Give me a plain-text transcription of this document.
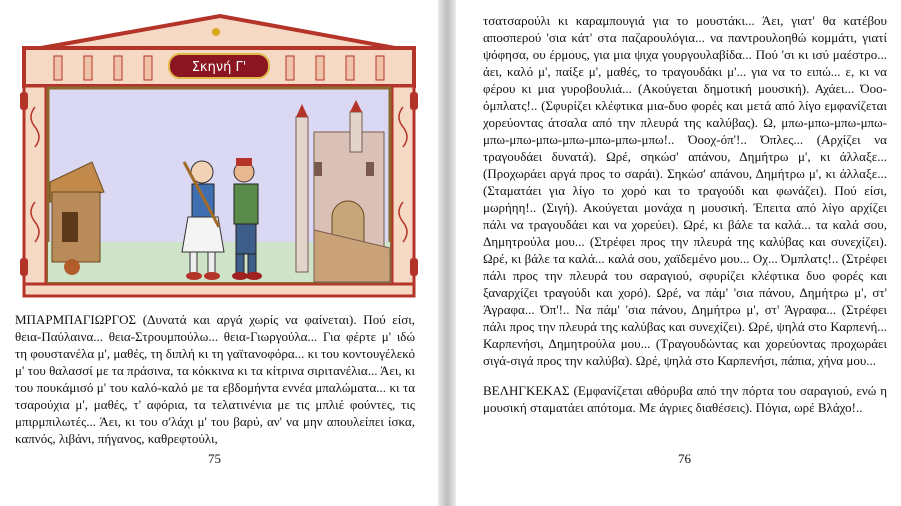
Σκηνή Γ'

ΜΠΑΡΜΠΑΓΙΩΡΓΟΣ (Δυνατά και αργά χωρίς να φαίνεται). Πού είσι, θεια-Παύλαινα... θεια-Στρουμπούλω... θεια-Γιωργούλα... Για φέρτε μ' ιδώ τη φουστανέλα μ', μαθές, τη διπλή κι τη γαϊτανοφόρα... κι του κοντουγέλεκό μ' του θαλασσί με τα πράσινα, τα κόκκινα κι τα κίτρινα σιριτανέλια... Άει, κι του πουκάμισό μ' του καλό-καλό με τα εβδομήντα εννέα μπαλώματα... κι τα τσαρούχια μ', μαθές, τ' αφόρια, τα τελατινένια με τις μπλιέ φούντες, τις μπιρμπιλωτές... Άει, κι του σ'λάχι μ' του βαρύ, αν' να μην απουλείπει ίσκα, καπνός, λιβάνι, πήγανος, καθρεφτούλι,

75

τσατσαρούλι κι καραμπουγιά για το μουστάκι... Άει, γιατ' θα κατέβου αποσπερού 'σια κάτ' στα παζαρουλόγια... να παντρουλοηθώ κομμάτι, γιατί ψόφησα, ου έρμους, για μια ψιχα γουργουλαβίδα... Πού 'σι κι ισύ μαέστρο... άει, καλό μ', παίξε μ', μαθές, το τραγουδάκι μ'... για να το ειπώ... ε, κι να φέρου κι μια γυροβουλιά... (Ακούγεται δημοτική μουσική). Αχάει... Όοο-όμπλατς!.. (Σφυρίζει κλέφτικα μια-δυο φορές και μετά από λίγο εμφανίζεται χορεύοντας άτσαλα από την πλευρά της καλύβας). Ω, μπω-μπω-μπω-μπω-μπω-μπω-μπω-μπω-μπω-μπω-μπω!.. Όοοχ-όπ'!.. Όπλες... (Αρχίζει να τραγουδάει δυνατά). Ωρέ, σηκώσ' απάνου, Δημήτρω μ', κι άλλαξε... (Προχωράει αργά προς το σαράι). Σηκώσ' απάνου, Δημήτρω μ', κι άλλαξε... (Σταματάει για λίγο το χορό και το τραγούδι και φωνάζει). Πού είσι, μωρήηη!.. (Σιγή). Ακούγεται μονάχα η μουσική. Έπειτα από λίγο αρχίζει πάλι να τραγουδάει και να χορεύει). Ωρέ, κι βάλε τα καλά... τα καλά σου, Δημητρούλα μου... (Στρέφει προς την πλευρά της καλύβας και συνεχίζει). Ωρέ, κι βάλε τα καλά... καλά σου, χαϊδεμένο μου... Οχ... Όμπλατς!.. (Στρέφει πάλι προς την πλευρά του σαραγιού, σφυρίζει κλέφτικα δυο φορές και ξαναρχίζει τραγούδι και χορό). Ωρέ, να πάμ' 'σια πάνου, Δημήτρω μ', στ' Άγραφα... Όπ'!.. Να πάμ' 'σια πάνου, Δημήτρω μ', στ' Άγραφα... (Στρέφει πάλι προς την πλευρά της καλύβας και συνεχίζει). Ωρέ, ψηλά στο Καρπενή... Καρπενήσι, Δημητρούλα μου... (Τραγουδώντας και χορεύοντας προχωράει σιγά-σιγά προς την καλύβα). Ωρέ, ψηλά στο Καρπενήσι, πάπια, χήνα μου...

ΒΕΛΗΓΚΕΚΑΣ (Εμφανίζεται αθόρυβα από την πόρτα του σαραγιού, ενώ η μουσική σταματάει απότομα. Με άγριες διαθέσεις). Πόγια, ωρέ Βλάχο!..

76
